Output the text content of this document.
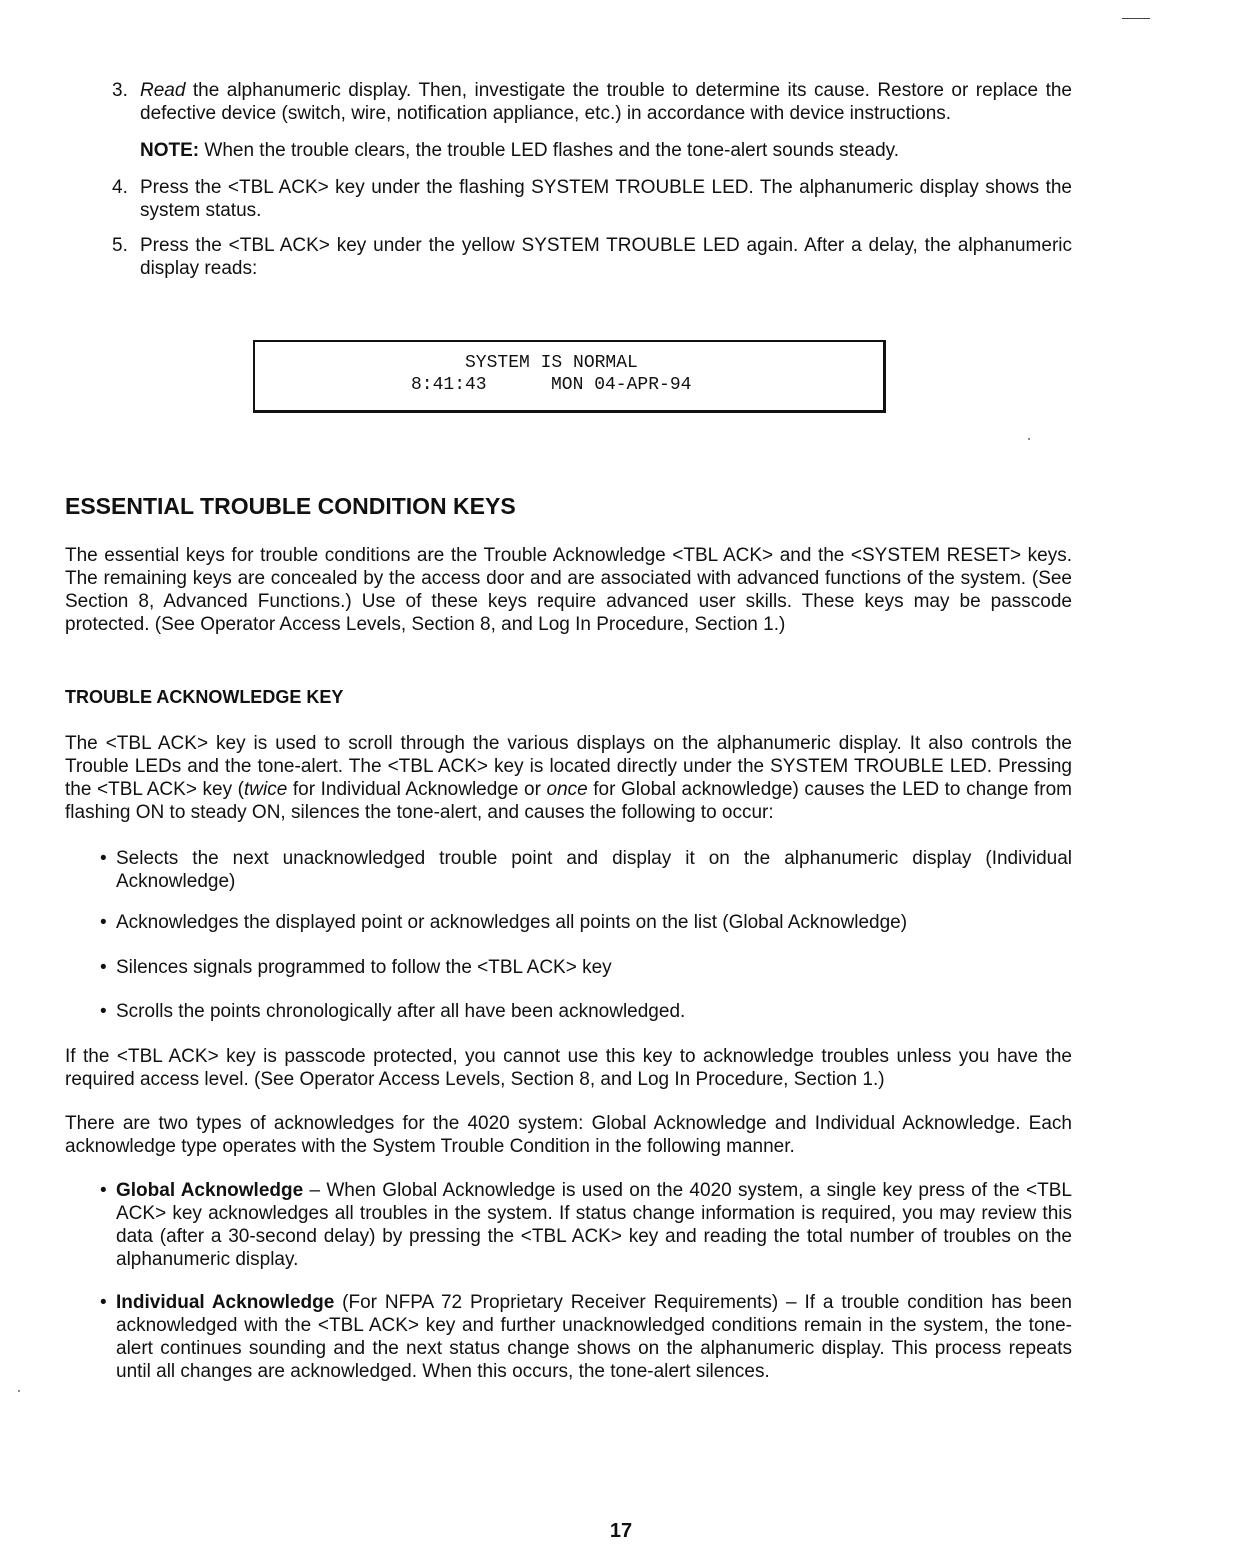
3. Read the alphanumeric display. Then, investigate the trouble to determine its cause. Restore or replace the defective device (switch, wire, notification appliance, etc.) in accordance with device instructions.
NOTE: When the trouble clears, the trouble LED flashes and the tone-alert sounds steady.
4. Press the <TBL ACK> key under the flashing SYSTEM TROUBLE LED. The alphanumeric display shows the system status.
5. Press the <TBL ACK> key under the yellow SYSTEM TROUBLE LED again. After a delay, the alphanumeric display reads:
SYSTEM IS NORMAL
8:41:43	MON 04-APR-94
ESSENTIAL TROUBLE CONDITION KEYS
The essential keys for trouble conditions are the Trouble Acknowledge <TBL ACK> and the <SYSTEM RESET> keys. The remaining keys are concealed by the access door and are associated with advanced functions of the system. (See Section 8, Advanced Functions.) Use of these keys require advanced user skills. These keys may be passcode protected. (See Operator Access Levels, Section 8, and Log In Procedure, Section 1.)
TROUBLE ACKNOWLEDGE KEY
The <TBL ACK> key is used to scroll through the various displays on the alphanumeric display. It also controls the Trouble LEDs and the tone-alert. The <TBL ACK> key is located directly under the SYSTEM TROUBLE LED. Pressing the <TBL ACK> key (twice for Individual Acknowledge or once for Global acknowledge) causes the LED to change from flashing ON to steady ON, silences the tone-alert, and causes the following to occur:
• Selects the next unacknowledged trouble point and display it on the alphanumeric display (Individual Acknowledge)
• Acknowledges the displayed point or acknowledges all points on the list (Global Acknowledge)
• Silences signals programmed to follow the <TBL ACK> key
• Scrolls the points chronologically after all have been acknowledged.
If the <TBL ACK> key is passcode protected, you cannot use this key to acknowledge troubles unless you have the required access level. (See Operator Access Levels, Section 8, and Log In Procedure, Section 1.)
There are two types of acknowledges for the 4020 system: Global Acknowledge and Individual Acknowledge. Each acknowledge type operates with the System Trouble Condition in the following manner.
• Global Acknowledge – When Global Acknowledge is used on the 4020 system, a single key press of the <TBL ACK> key acknowledges all troubles in the system. If status change information is required, you may review this data (after a 30-second delay) by pressing the <TBL ACK> key and reading the total number of troubles on the alphanumeric display.
• Individual Acknowledge (For NFPA 72 Proprietary Receiver Requirements) – If a trouble condition has been acknowledged with the <TBL ACK> key and further unacknowledged conditions remain in the system, the tone-alert continues sounding and the next status change shows on the alphanumeric display. This process repeats until all changes are acknowledged. When this occurs, the tone-alert silences.
17
